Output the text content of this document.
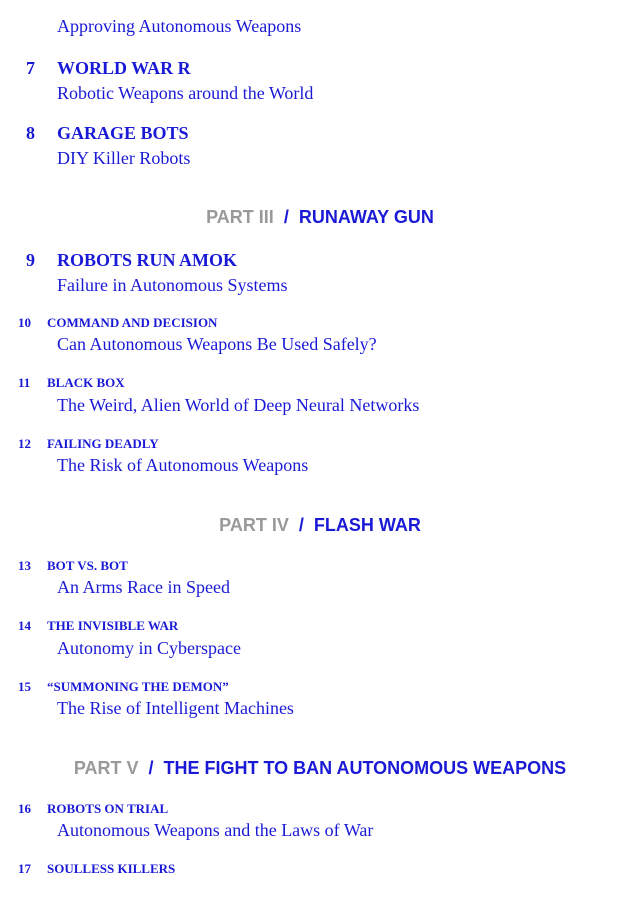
Approving Autonomous Weapons
7	WORLD WAR R
Robotic Weapons around the World
8	GARAGE BOTS
DIY Killer Robots
PART III / RUNAWAY GUN
9	ROBOTS RUN AMOK
Failure in Autonomous Systems
10	COMMAND AND DECISION
Can Autonomous Weapons Be Used Safely?
11	BLACK BOX
The Weird, Alien World of Deep Neural Networks
12	FAILING DEADLY
The Risk of Autonomous Weapons
PART IV / FLASH WAR
13	BOT VS. BOT
An Arms Race in Speed
14	THE INVISIBLE WAR
Autonomy in Cyberspace
15	“SUMMONING THE DEMON”
The Rise of Intelligent Machines
PART V / THE FIGHT TO BAN AUTONOMOUS WEAPONS
16	ROBOTS ON TRIAL
Autonomous Weapons and the Laws of War
17	SOULLESS KILLERS
